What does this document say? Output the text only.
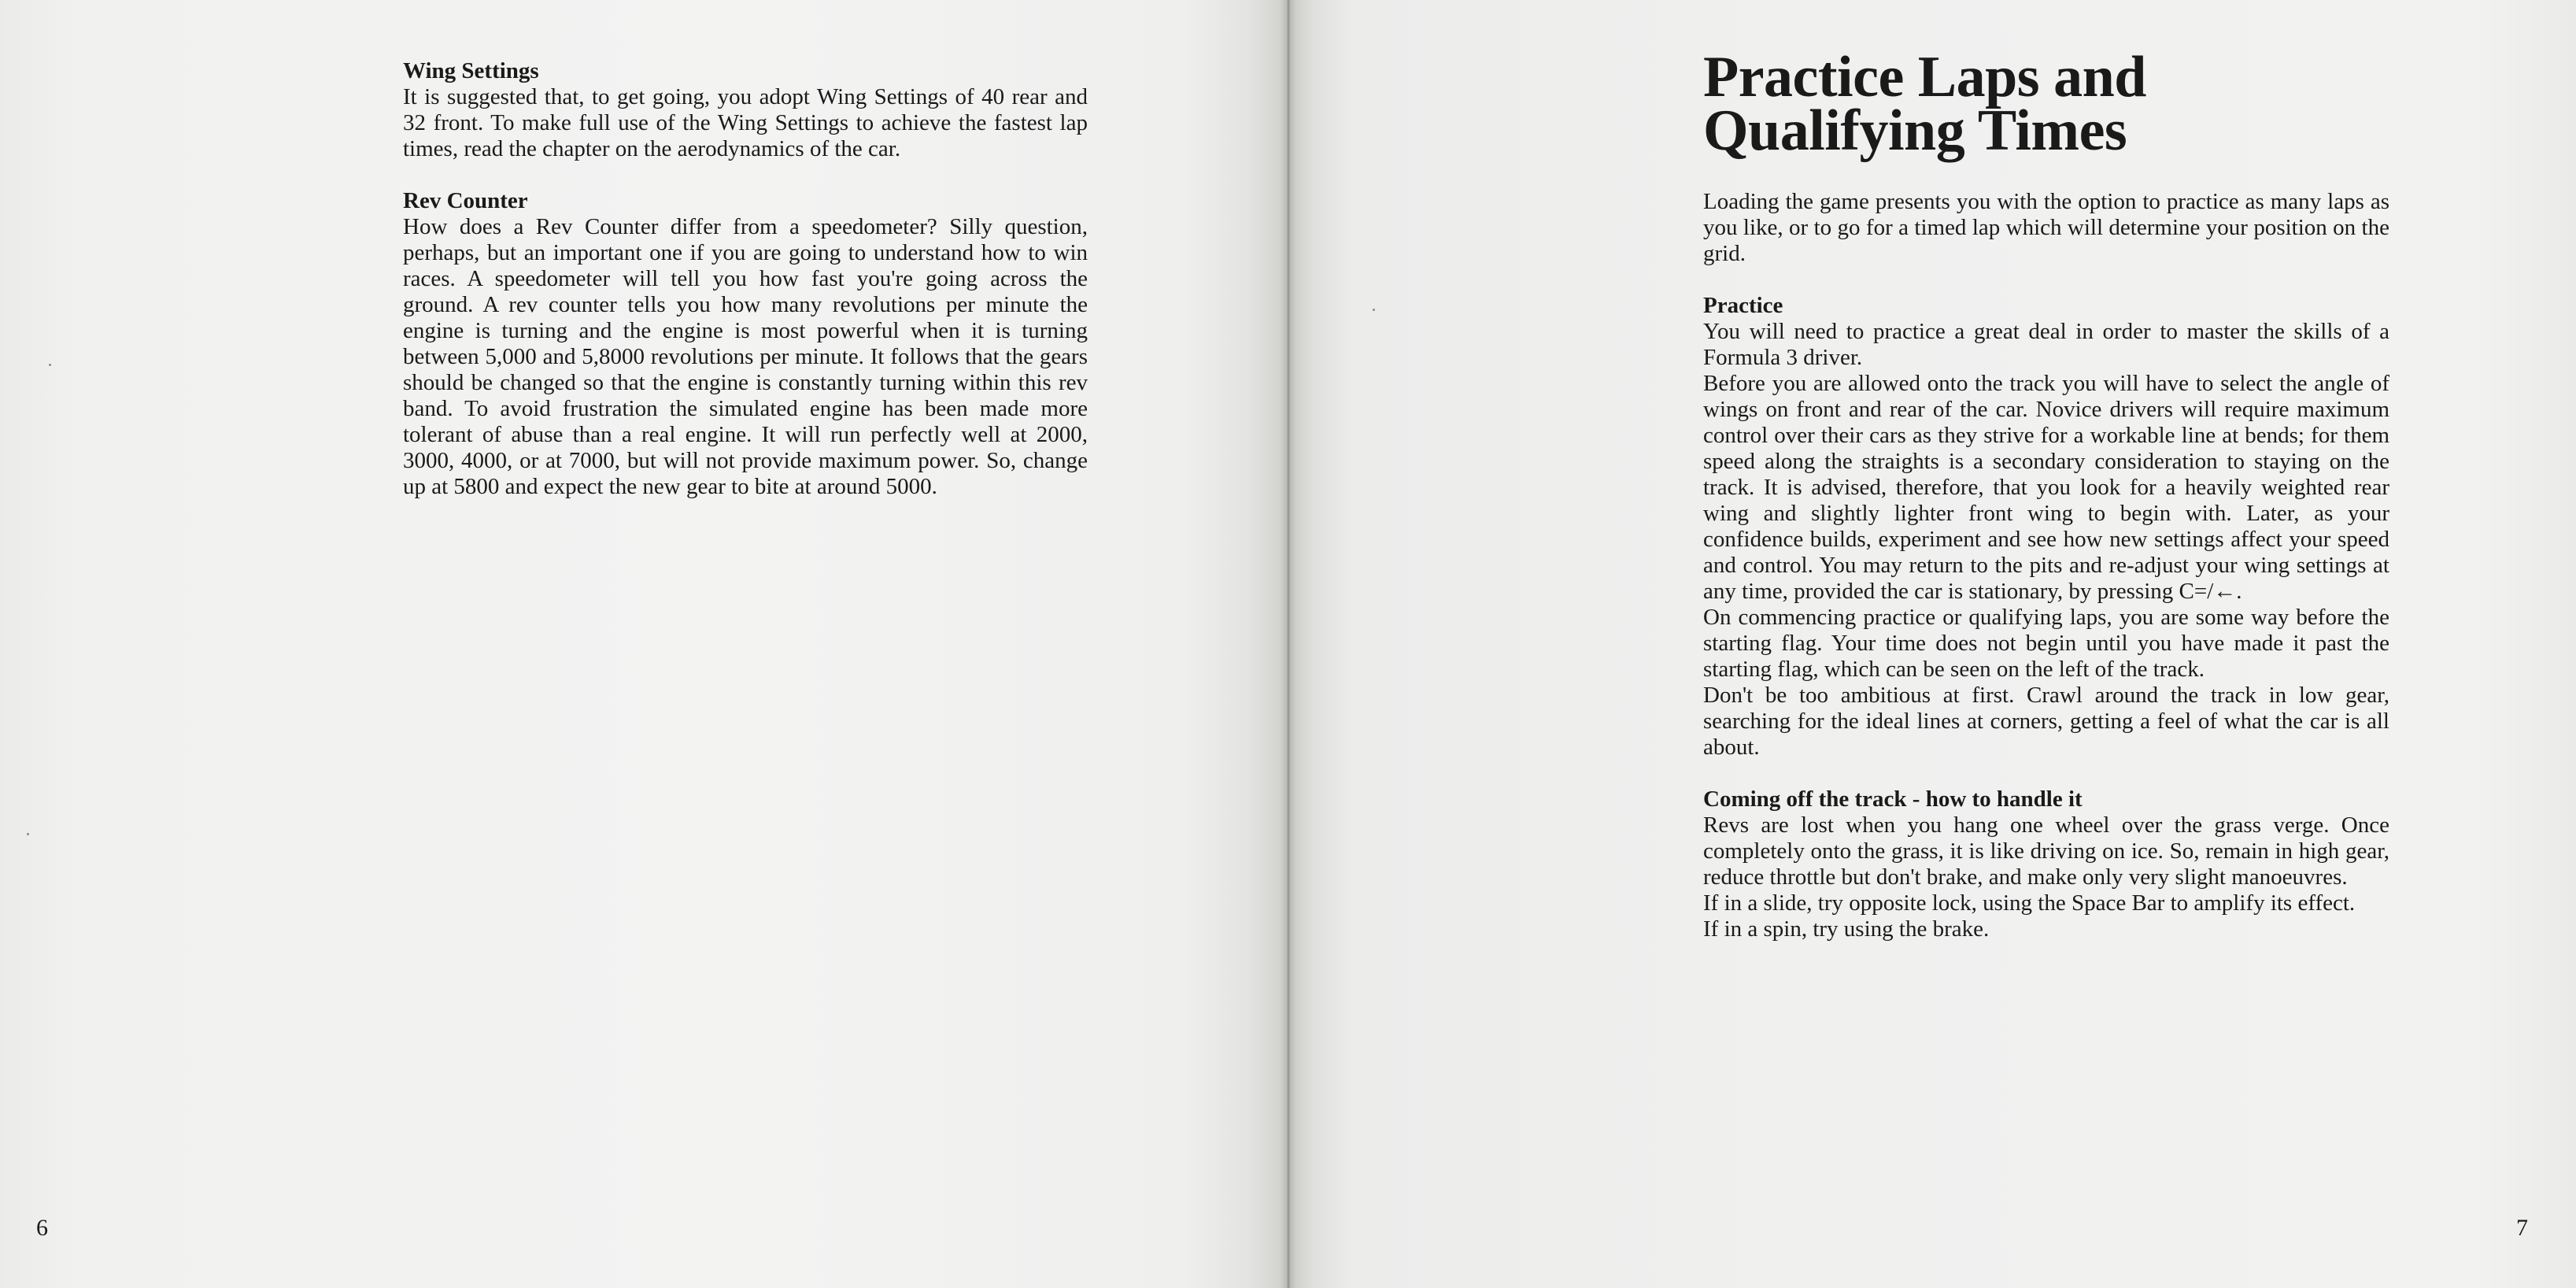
Wing Settings

It is suggested that, to get going, you adopt Wing Settings of 40 rear and 32 front. To make full use of the Wing Settings to achieve the fastest lap times, read the chapter on the aerodynamics of the car.

Rev Counter

How does a Rev Counter differ from a speedometer? Silly question, perhaps, but an important one if you are going to understand how to win races. A speedometer will tell you how fast you're going across the ground. A rev counter tells you how many revolutions per minute the engine is turning and the engine is most powerful when it is turning between 5,000 and 5,8000 revolutions per minute. It follows that the gears should be changed so that the engine is constantly turning within this rev band. To avoid frustration the simulated engine has been made more tolerant of abuse than a real engine. It will run perfectly well at 2000, 3000, 4000, or at 7000, but will not provide maximum power. So, change up at 5800 and expect the new gear to bite at around 5000.

6
Practice Laps and
Qualifying Times

Loading the game presents you with the option to practice as many laps as you like, or to go for a timed lap which will determine your position on the grid.

Practice

You will need to practice a great deal in order to master the skills of a Formula 3 driver.

Before you are allowed onto the track you will have to select the angle of wings on front and rear of the car. Novice drivers will require maximum control over their cars as they strive for a workable line at bends; for them speed along the straights is a secondary consideration to staying on the track. It is advised, therefore, that you look for a heavily weighted rear wing and slightly lighter front wing to begin with. Later, as your confidence builds, experiment and see how new settings affect your speed and control. You may return to the pits and re-adjust your wing settings at any time, provided the car is stationary, by pressing C=/←.

On commencing practice or qualifying laps, you are some way before the starting flag. Your time does not begin until you have made it past the starting flag, which can be seen on the left of the track.

Don't be too ambitious at first. Crawl around the track in low gear, searching for the ideal lines at corners, getting a feel of what the car is all about.

Coming off the track - how to handle it

Revs are lost when you hang one wheel over the grass verge. Once completely onto the grass, it is like driving on ice. So, remain in high gear, reduce throttle but don't brake, and make only very slight manoeuvres.

If in a slide, try opposite lock, using the Space Bar to amplify its effect.

If in a spin, try using the brake.

7
